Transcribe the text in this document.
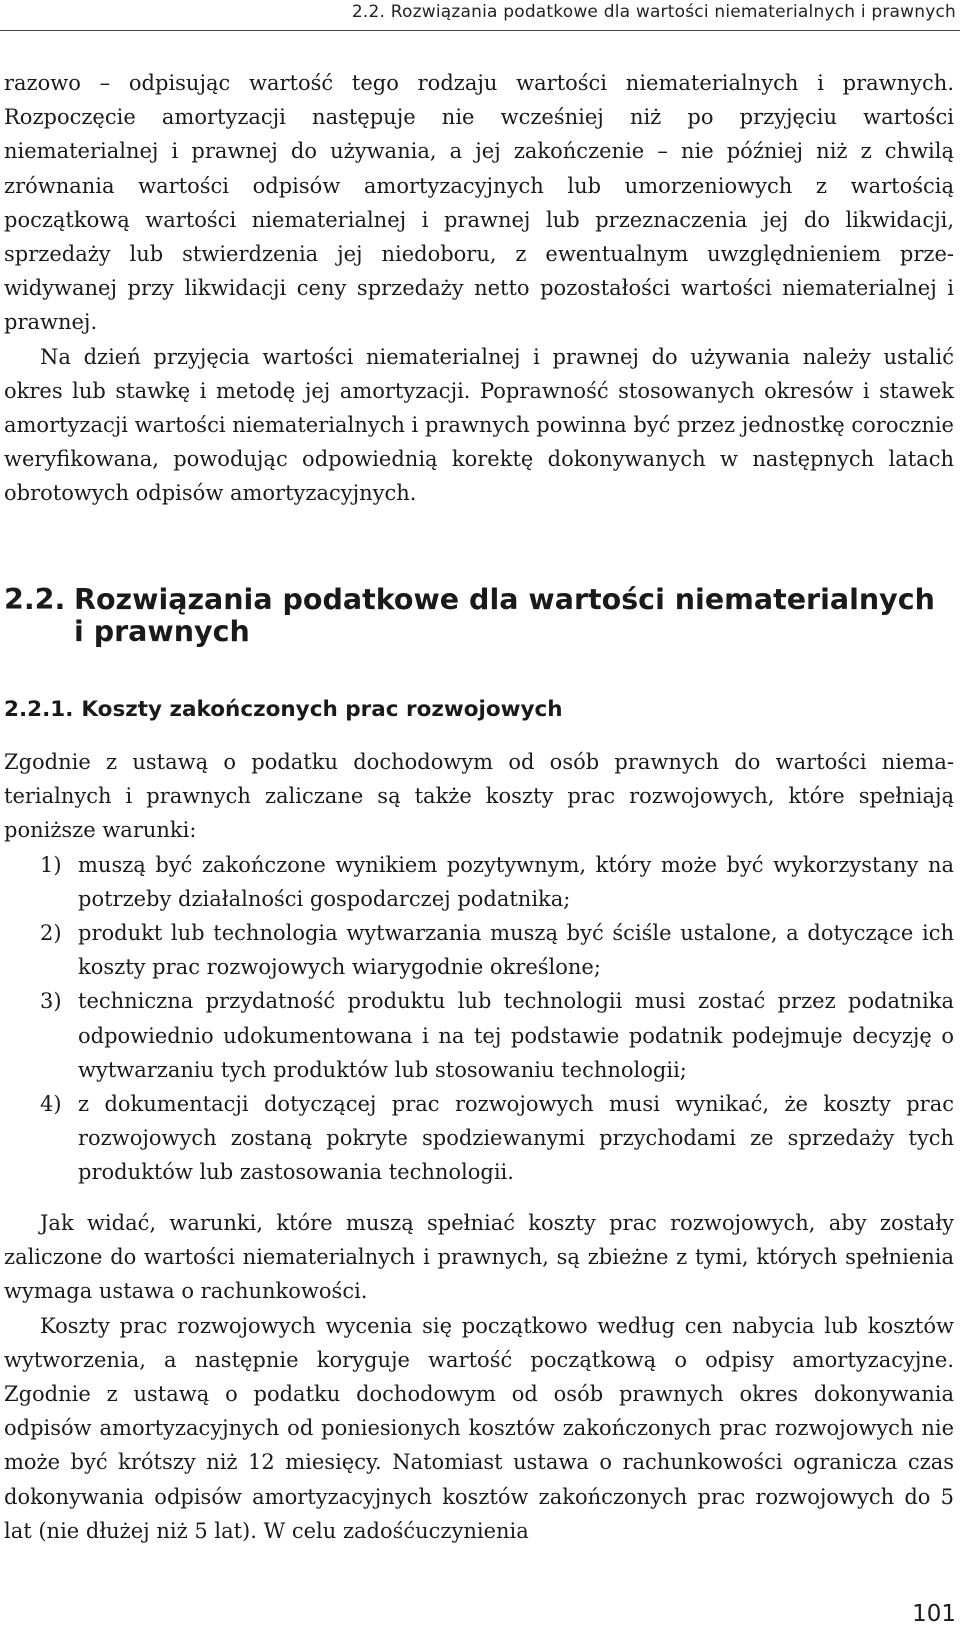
2.2. Rozwiązania podatkowe dla wartości niematerialnych i prawnych

razowo – odpisując wartość tego rodzaju wartości niematerialnych i prawnych. Rozpoczęcie amortyzacji następuje nie wcześniej niż po przyjęciu wartości niematerialnej i prawnej do używania, a jej zakończenie – nie później niż z chwilą zrównania wartości odpisów amortyzacyjnych lub umorzeniowych z wartością początkową wartości niematerialnej i prawnej lub przeznaczenia jej do likwidacji, sprzedaży lub stwierdzenia jej niedoboru, z ewentualnym uwzględnieniem przewidywanej przy likwidacji ceny sprzedaży netto pozostałości wartości niematerialnej i prawnej.

Na dzień przyjęcia wartości niematerialnej i prawnej do używania należy ustalić okres lub stawkę i metodę jej amortyzacji. Poprawność stosowanych okresów i stawek amortyzacji wartości niematerialnych i prawnych powinna być przez jednostkę corocznie weryfikowana, powodując odpowiednią korektę dokonywanych w następnych latach obrotowych odpisów amortyzacyjnych.

2.2. Rozwiązania podatkowe dla wartości niematerialnych i prawnych
2.2.1. Koszty zakończonych prac rozwojowych

Zgodnie z ustawą o podatku dochodowym od osób prawnych do wartości niematerialnych i prawnych zaliczane są także koszty prac rozwojowych, które spełniają poniższe warunki:

1) muszą być zakończone wynikiem pozytywnym, który może być wykorzystany na potrzeby działalności gospodarczej podatnika;
2) produkt lub technologia wytwarzania muszą być ściśle ustalone, a dotyczące ich koszty prac rozwojowych wiarygodnie określone;
3) techniczna przydatność produktu lub technologii musi zostać przez podatnika odpowiednio udokumentowana i na tej podstawie podatnik podejmuje decyzję o wytwarzaniu tych produktów lub stosowaniu technologii;
4) z dokumentacji dotyczącej prac rozwojowych musi wynikać, że koszty prac rozwojowych zostaną pokryte spodziewanymi przychodami ze sprzedaży tych produktów lub zastosowania technologii.

Jak widać, warunki, które muszą spełniać koszty prac rozwojowych, aby zostały zaliczone do wartości niematerialnych i prawnych, są zbieżne z tymi, których spełnienia wymaga ustawa o rachunkowości.

Koszty prac rozwojowych wycenia się początkowo według cen nabycia lub kosztów wytworzenia, a następnie koryguje wartość początkową o odpisy amortyzacyjne. Zgodnie z ustawą o podatku dochodowym od osób prawnych okres dokonywania odpisów amortyzacyjnych od poniesionych kosztów zakończonych prac rozwojowych nie może być krótszy niż 12 miesięcy. Natomiast ustawa o rachunkowości ogranicza czas dokonywania odpisów amortyzacyjnych kosztów zakończonych prac rozwojowych do 5 lat (nie dłużej niż 5 lat). W celu zadośćuczynienia

101
